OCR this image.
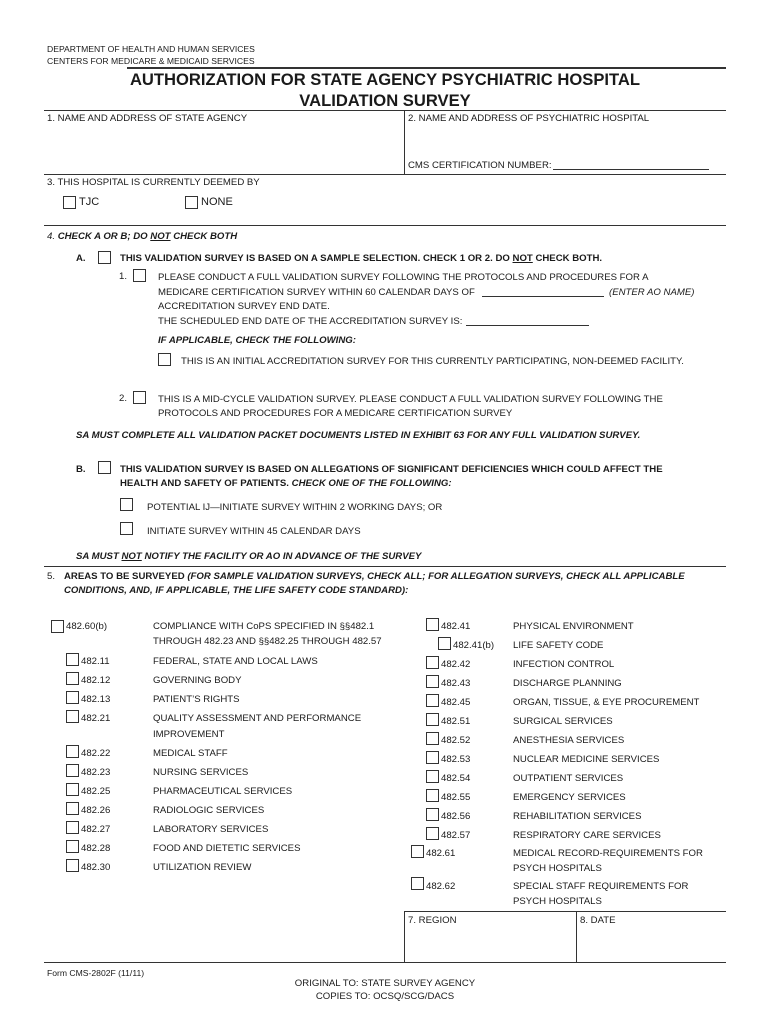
DEPARTMENT OF HEALTH AND HUMAN SERVICES
CENTERS FOR MEDICARE & MEDICAID SERVICES
AUTHORIZATION FOR STATE AGENCY PSYCHIATRIC HOSPITAL
VALIDATION SURVEY
1. NAME AND ADDRESS OF STATE AGENCY	2. NAME AND ADDRESS OF PSYCHIATRIC HOSPITAL
CMS CERTIFICATION NUMBER:
3. THIS HOSPITAL IS CURRENTLY DEEMED BY
TJC	NONE
4. CHECK A OR B; DO NOT CHECK BOTH
A.	THIS VALIDATION SURVEY IS BASED ON A SAMPLE SELECTION. CHECK 1 OR 2. DO NOT CHECK BOTH.
1.	PLEASE CONDUCT A FULL VALIDATION SURVEY FOLLOWING THE PROTOCOLS AND PROCEDURES FOR A
MEDICARE CERTIFICATION SURVEY WITHIN 60 CALENDAR DAYS OF	(ENTER AO NAME)
ACCREDITATION SURVEY END DATE.
THE SCHEDULED END DATE OF THE ACCREDITATION SURVEY IS:
IF APPLICABLE, CHECK THE FOLLOWING:
THIS IS AN INITIAL ACCREDITATION SURVEY FOR THIS CURRENTLY PARTICIPATING, NON-DEEMED FACILITY.
2.	THIS IS A MID-CYCLE VALIDATION SURVEY. PLEASE CONDUCT A FULL VALIDATION SURVEY FOLLOWING THE
PROTOCOLS AND PROCEDURES FOR A MEDICARE CERTIFICATION SURVEY
SA MUST COMPLETE ALL VALIDATION PACKET DOCUMENTS LISTED IN EXHIBIT 63 FOR ANY FULL VALIDATION SURVEY.
B.	THIS VALIDATION SURVEY IS BASED ON ALLEGATIONS OF SIGNIFICANT DEFICIENCIES WHICH COULD AFFECT THE
HEALTH AND SAFETY OF PATIENTS. CHECK ONE OF THE FOLLOWING:
POTENTIAL IJ—INITIATE SURVEY WITHIN 2 WORKING DAYS; OR
INITIATE SURVEY WITHIN 45 CALENDAR DAYS
SA MUST NOT NOTIFY THE FACILITY OR AO IN ADVANCE OF THE SURVEY
5. AREAS TO BE SURVEYED (FOR SAMPLE VALIDATION SURVEYS, CHECK ALL; FOR ALLEGATION SURVEYS, CHECK ALL APPLICABLE
CONDITIONS, AND, IF APPLICABLE, THE LIFE SAFETY CODE STANDARD):
482.60(b)	COMPLIANCE WITH CoPS SPECIFIED IN §§482.1
THROUGH 482.23 AND §§482.25 THROUGH 482.57
482.11	FEDERAL, STATE AND LOCAL LAWS
482.12	GOVERNING BODY
482.13	PATIENT’S RIGHTS
482.21	QUALITY ASSESSMENT AND PERFORMANCE
IMPROVEMENT
482.22	MEDICAL STAFF
482.23	NURSING SERVICES
482.25	PHARMACEUTICAL SERVICES
482.26	RADIOLOGIC SERVICES
482.27	LABORATORY SERVICES
482.28	FOOD AND DIETETIC SERVICES
482.30	UTILIZATION REVIEW
482.41	PHYSICAL ENVIRONMENT
482.41(b) LIFE SAFETY CODE
482.42	INFECTION CONTROL
482.43	DISCHARGE PLANNING
482.45	ORGAN, TISSUE, & EYE PROCUREMENT
482.51	SURGICAL SERVICES
482.52	ANESTHESIA SERVICES
482.53	NUCLEAR MEDICINE SERVICES
482.54	OUTPATIENT SERVICES
482.55	EMERGENCY SERVICES
482.56	REHABILITATION SERVICES
482.57	RESPIRATORY CARE SERVICES
482.61	MEDICAL RECORD-REQUIREMENTS FOR
PSYCH HOSPITALS
482.62	SPECIAL STAFF REQUIREMENTS FOR
PSYCH HOSPITALS
7. REGION	8. DATE
Form CMS-2802F (11/11)
ORIGINAL TO: STATE SURVEY AGENCY
COPIES TO: OCSQ/SCG/DACS
